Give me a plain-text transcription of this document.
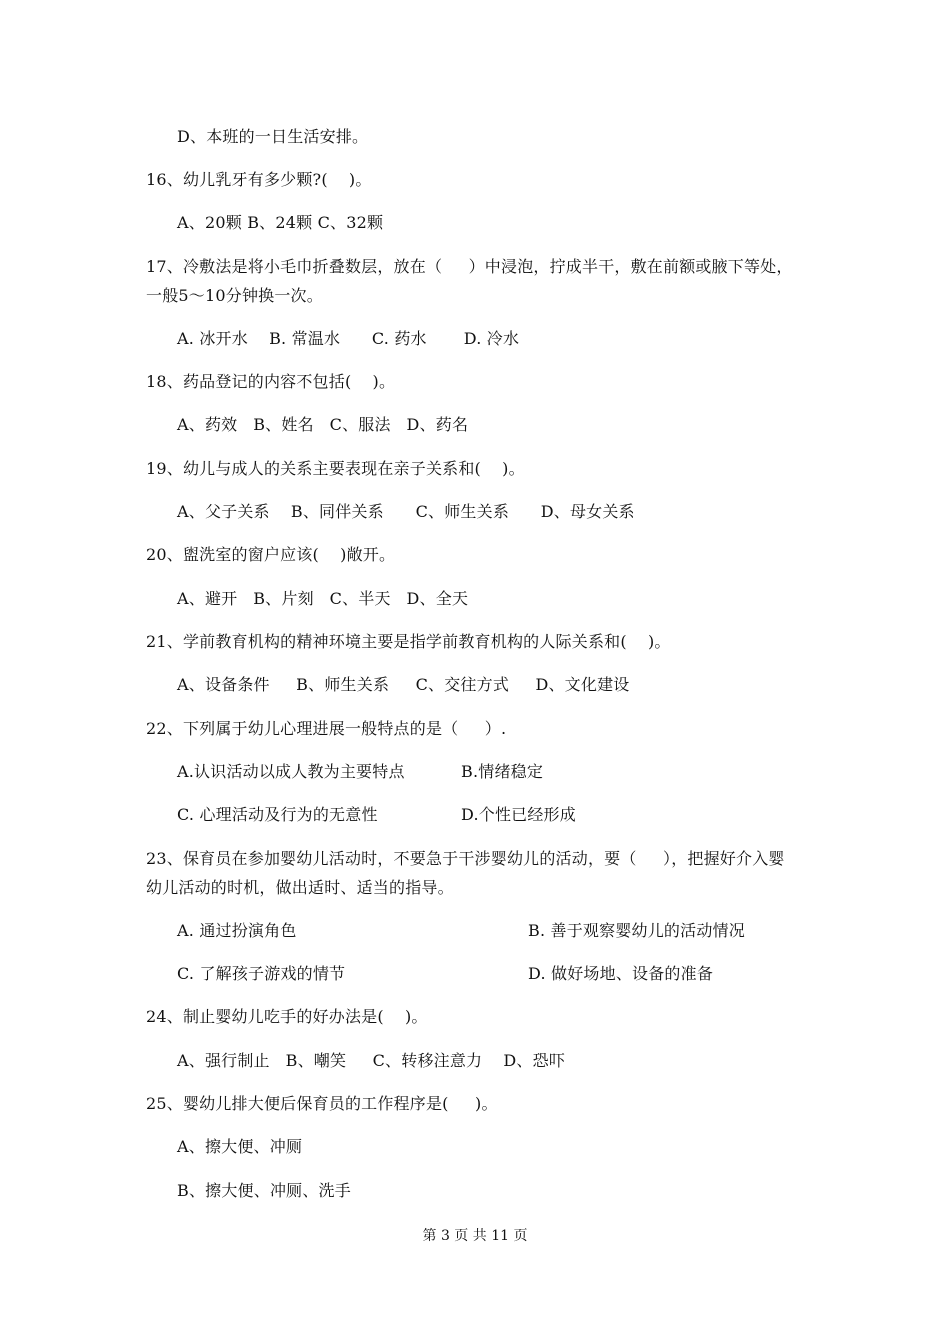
D、本班的一日生活安排。
16、幼儿乳牙有多少颗?(    )。
A、20颗 B、24颗 C、32颗
17、冷敷法是将小毛巾折叠数层，放在（     ）中浸泡，拧成半干，敷在前额或腋下等处，
一般5～10分钟换一次。
A. 冰开水    B. 常温水      C. 药水       D. 冷水
18、药品登记的内容不包括(    )。
A、药效   B、姓名   C、服法   D、药名
19、幼儿与成人的关系主要表现在亲子关系和(    )。
A、父子关系    B、同伴关系      C、师生关系      D、母女关系
20、盥洗室的窗户应该(    )敞开。
A、避开   B、片刻   C、半天   D、全天
21、学前教育机构的精神环境主要是指学前教育机构的人际关系和(    )。
A、设备条件     B、师生关系     C、交往方式     D、文化建设
22、下列属于幼儿心理进展一般特点的是（     ）.
A.认识活动以成人教为主要特点	B.情绪稳定
C. 心理活动及行为的无意性	D.个性已经形成
23、保育员在参加婴幼儿活动时，不要急于干涉婴幼儿的活动，要（     ），把握好介入婴
幼儿活动的时机，做出适时、适当的指导。
A. 通过扮演角色	B. 善于观察婴幼儿的活动情况
C. 了解孩子游戏的情节	D. 做好场地、设备的准备
24、制止婴幼儿吃手的好办法是(    )。
A、强行制止   B、嘲笑     C、转移注意力    D、恐吓
25、婴幼儿排大便后保育员的工作程序是(     )。
A、擦大便、冲厕
B、擦大便、冲厕、洗手
第 3 页 共 11 页
